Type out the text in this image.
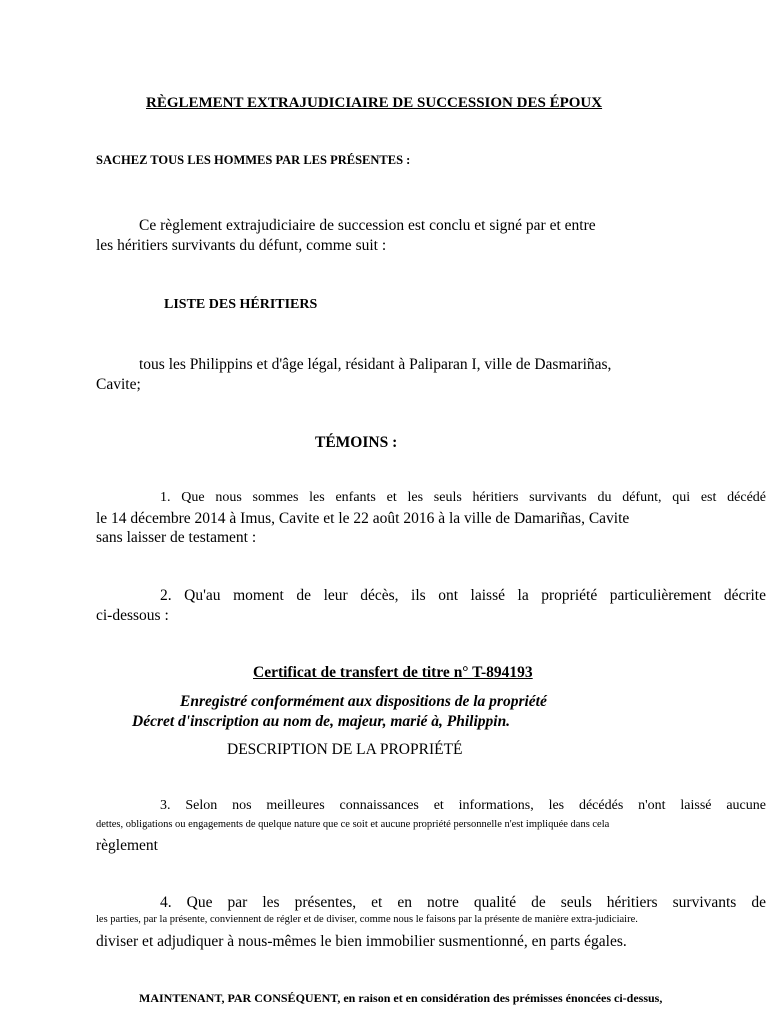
RÈGLEMENT EXTRAJUDICIAIRE DE SUCCESSION DES ÉPOUX
SACHEZ TOUS LES HOMMES PAR LES PRÉSENTES :
Ce règlement extrajudiciaire de succession est conclu et signé par et entre
les héritiers survivants du défunt, comme suit :
LISTE DES HÉRITIERS
tous les Philippins et d'âge légal, résidant à Paliparan I, ville de Dasmariñas,
Cavite;
TÉMOINS :
1. Que nous sommes les enfants et les seuls héritiers survivants du défunt, qui est décédé
le 14 décembre 2014 à Imus, Cavite et le 22 août 2016 à la ville de Damariñas, Cavite
sans laisser de testament :
2. Qu'au moment de leur décès, ils ont laissé la propriété particulièrement décrite
ci-dessous :
Certificat de transfert de titre n° T-894193
Enregistré conformément aux dispositions de la propriété
Décret d'inscription au nom de, majeur, marié à, Philippin.
DESCRIPTION DE LA PROPRIÉTÉ
3. Selon nos meilleures connaissances et informations, les décédés n'ont laissé aucune
dettes, obligations ou engagements de quelque nature que ce soit et aucune propriété personnelle n'est impliquée dans cela
règlement
4. Que par les présentes, et en notre qualité de seuls héritiers survivants de
les parties, par la présente, conviennent de régler et de diviser, comme nous le faisons par la présente de manière extra-judiciaire.
diviser et adjudiquer à nous-mêmes le bien immobilier susmentionné, en parts égales.
MAINTENANT, PAR CONSÉQUENT, en raison et en considération des prémisses énoncées ci-dessus,
